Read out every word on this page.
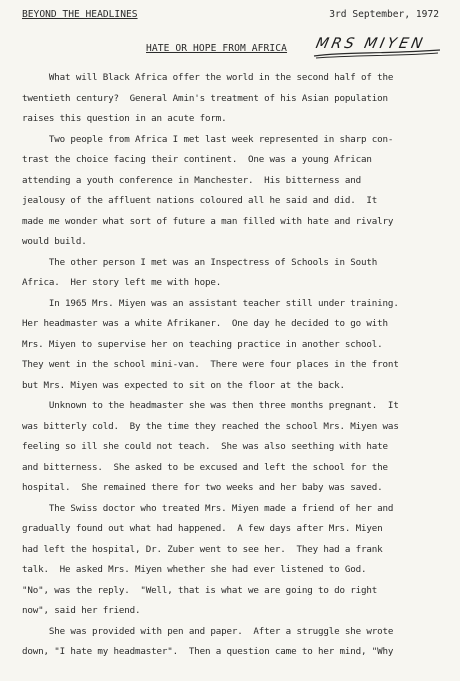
BEYOND THE HEADLINES	3rd September, 1972
HATE OR HOPE FROM AFRICA MRS MIYEN
What will Black Africa offer the world in the second half of the
twentieth century?  General Amin's treatment of his Asian population
raises this question in an acute form.
Two people from Africa I met last week represented in sharp con-
trast the choice facing their continent.  One was a young African
attending a youth conference in Manchester.  His bitterness and
jealousy of the affluent nations coloured all he said and did.  It
made me wonder what sort of future a man filled with hate and rivalry
would build.
The other person I met was an Inspectress of Schools in South
Africa.  Her story left me with hope.
In 1965 Mrs. Miyen was an assistant teacher still under training.
Her headmaster was a white Afrikaner.  One day he decided to go with
Mrs. Miyen to supervise her on teaching practice in another school.
They went in the school mini-van.  There were four places in the front
but Mrs. Miyen was expected to sit on the floor at the back.
Unknown to the headmaster she was then three months pregnant.  It
was bitterly cold.  By the time they reached the school Mrs. Miyen was
feeling so ill she could not teach.  She was also seething with hate
and bitterness.  She asked to be excused and left the school for the
hospital.  She remained there for two weeks and her baby was saved.
The Swiss doctor who treated Mrs. Miyen made a friend of her and
gradually found out what had happened.  A few days after Mrs. Miyen
had left the hospital, Dr. Zuber went to see her.  They had a frank
talk.  He asked Mrs. Miyen whether she had ever listened to God.
"No", was the reply.  "Well, that is what we are going to do right
now", said her friend.
She was provided with pen and paper.  After a struggle she wrote
down, "I hate my headmaster".  Then a question came to her mind, "Why
